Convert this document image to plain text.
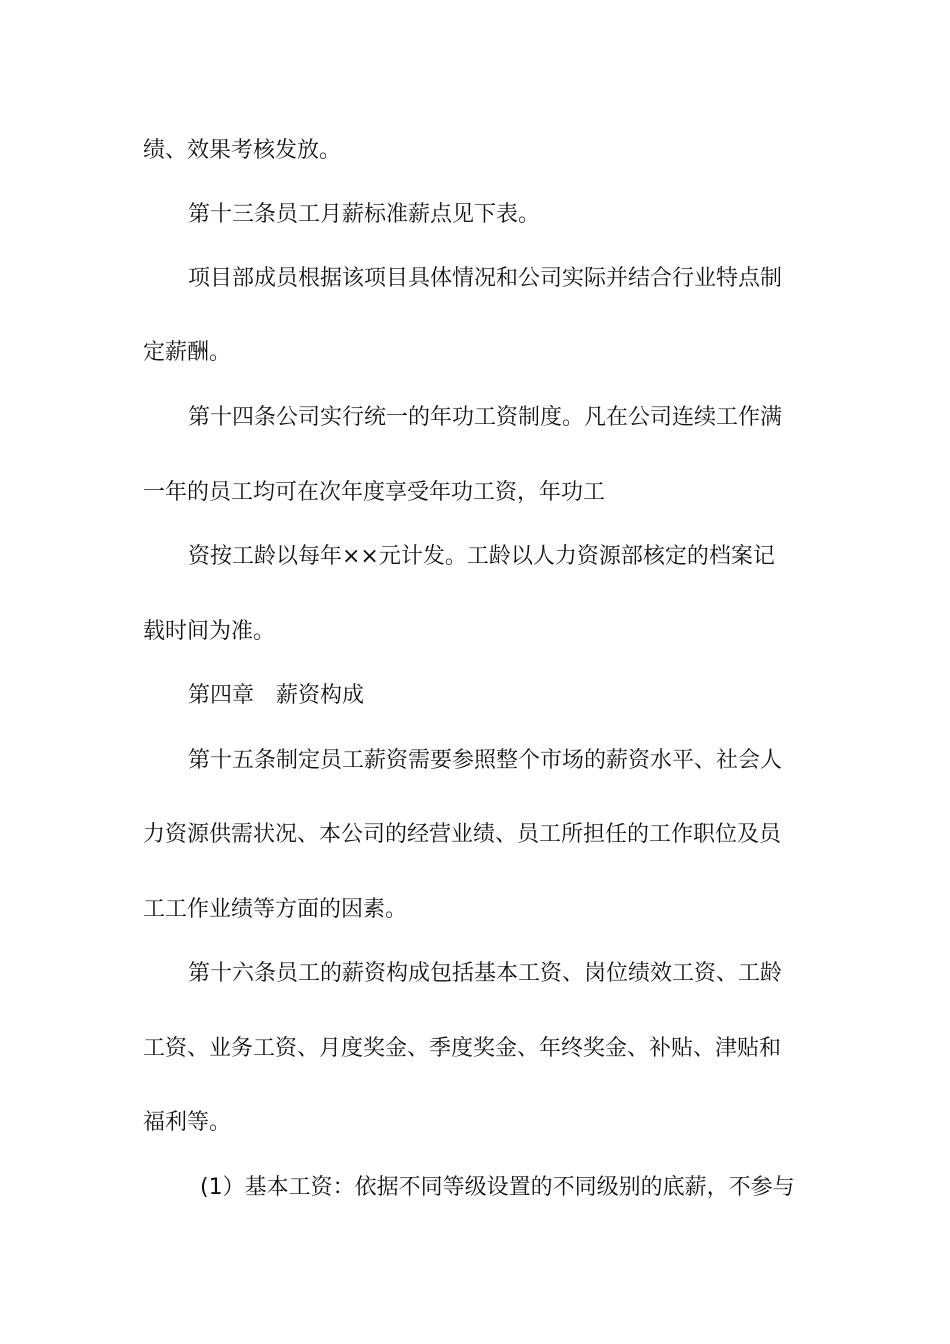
绩、效果考核发放。
第十三条员工月薪标准薪点见下表。
项目部成员根据该项目具体情况和公司实际并结合行业特点制
定薪酬。
第十四条公司实行统一的年功工资制度。凡在公司连续工作满
一年的员工均可在次年度享受年功工资，年功工
资按工龄以每年××元计发。工龄以人力资源部核定的档案记
载时间为准。
第四章　薪资构成
第十五条制定员工薪资需要参照整个市场的薪资水平、社会人
力资源供需状况、本公司的经营业绩、员工所担任的工作职位及员
工工作业绩等方面的因素。
第十六条员工的薪资构成包括基本工资、岗位绩效工资、工龄
工资、业务工资、月度奖金、季度奖金、年终奖金、补贴、津贴和
福利等。
(1）基本工资：依据不同等级设置的不同级别的底薪，不参与
